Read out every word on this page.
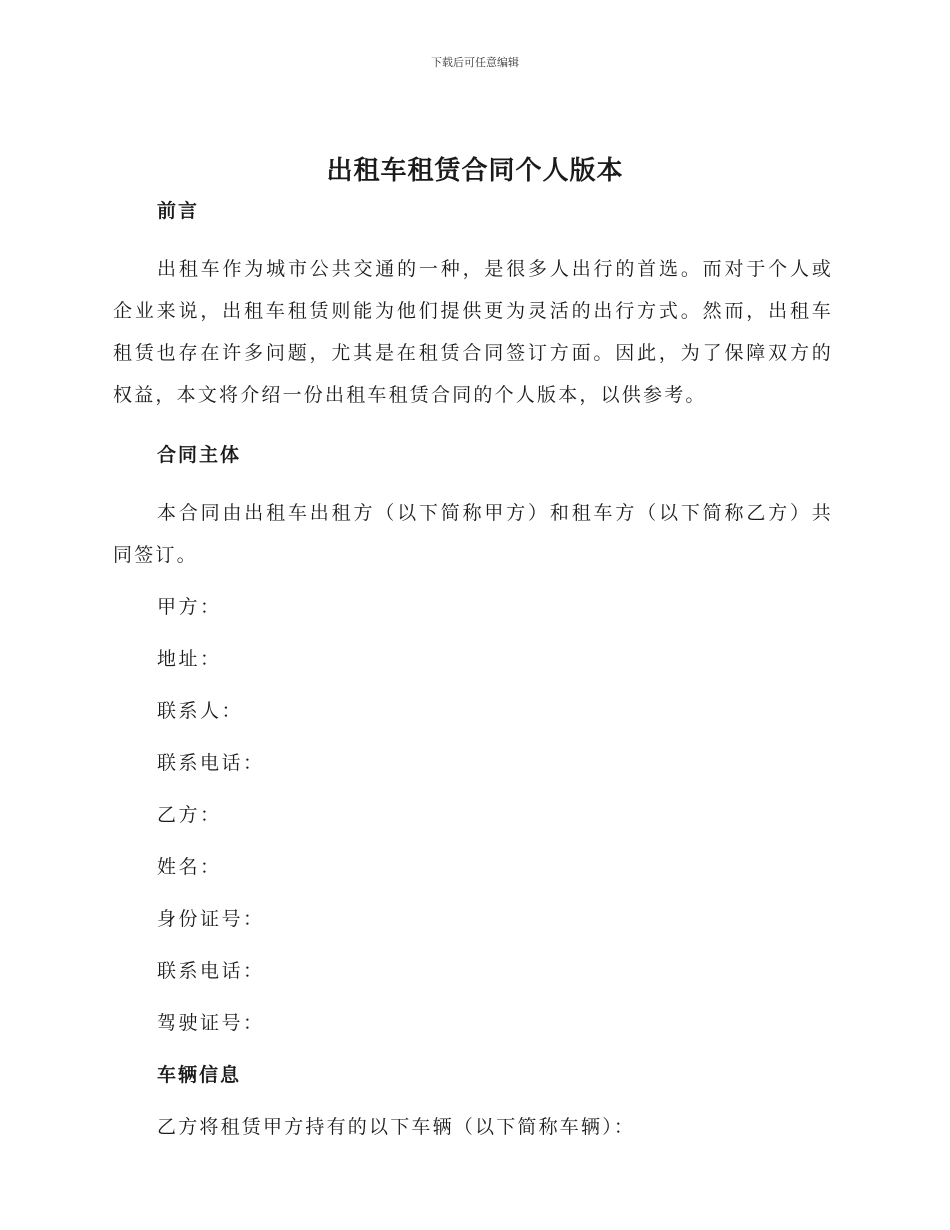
下载后可任意编辑
出租车租赁合同个人版本
前言

出租车作为城市公共交通的一种，是很多人出行的首选。而对于个人或企业来说，出租车租赁则能为他们提供更为灵活的出行方式。然而，出租车租赁也存在许多问题，尤其是在租赁合同签订方面。因此，为了保障双方的权益，本文将介绍一份出租车租赁合同的个人版本，以供参考。

合同主体

本合同由出租车出租方（以下简称甲方）和租车方（以下简称乙方）共同签订。

甲方：

地址：

联系人：

联系电话：

乙方：

姓名：

身份证号：

联系电话：

驾驶证号：

车辆信息

乙方将租赁甲方持有的以下车辆（以下简称车辆）：
